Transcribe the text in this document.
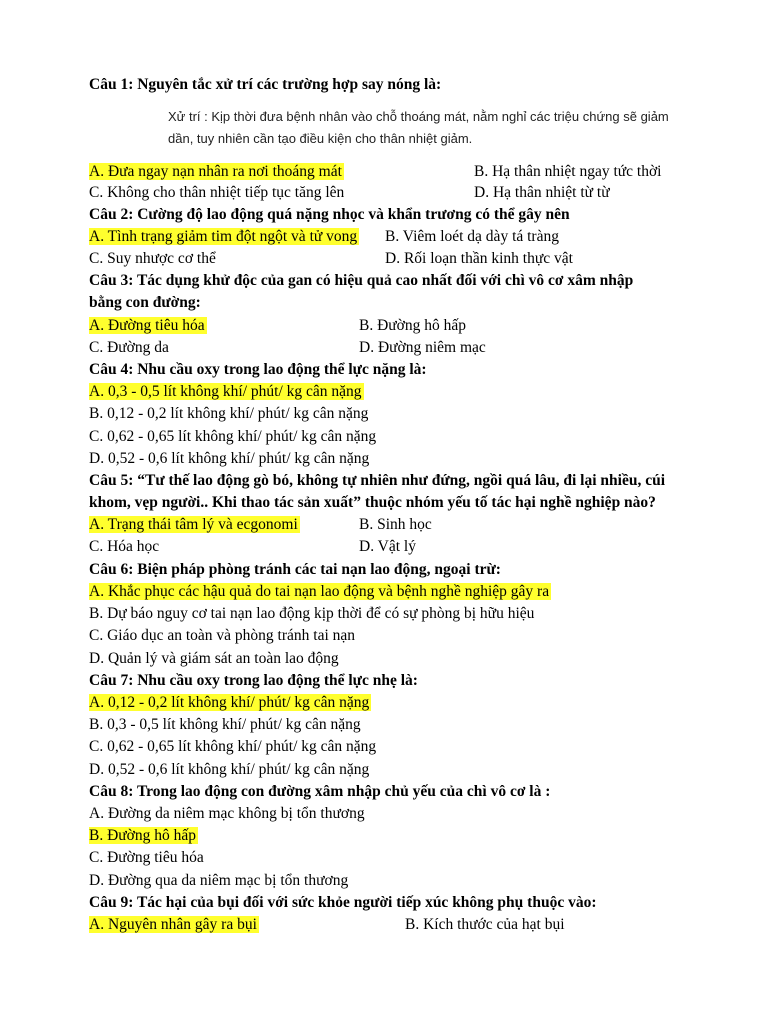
Câu 1: Nguyên tắc xử trí các trường hợp say nóng là:
Xử trí : Kịp thời đưa bệnh nhân vào chỗ thoáng mát, nằm nghỉ các triệu chứng sẽ giảm
dần, tuy nhiên cần tạo điều kiện cho thân nhiệt giảm.
A. Đưa ngay nạn nhân ra nơi thoáng mát	B. Hạ thân nhiệt ngay tức thời
C. Không cho thân nhiệt tiếp tục tăng lên	D. Hạ thân nhiệt từ từ
Câu 2: Cường độ lao động quá nặng nhọc và khẩn trương có thể gây nên
A. Tình trạng giảm tim đột ngột và tử vong B. Viêm loét dạ dày tá tràng
C. Suy nhược cơ thể	D. Rối loạn thần kinh thực vật
Câu 3: Tác dụng khử độc của gan có hiệu quả cao nhất đối với chì vô cơ xâm nhập
bằng con đường:
A. Đường tiêu hóa	B. Đường hô hấp
C. Đường da	D. Đường niêm mạc
Câu 4: Nhu cầu oxy trong lao động thể lực nặng là:
A. 0,3 - 0,5 lít không khí/ phút/ kg cân nặng
B. 0,12 - 0,2 lít không khí/ phút/ kg cân nặng
C. 0,62 - 0,65 lít không khí/ phút/ kg cân nặng
D. 0,52 - 0,6 lít không khí/ phút/ kg cân nặng
Câu 5: “Tư thế lao động gò bó, không tự nhiên như đứng, ngồi quá lâu, đi lại nhiều, cúi
khom, vẹp người.. Khi thao tác sản xuất” thuộc nhóm yếu tố tác hại nghề nghiệp nào?
A. Trạng thái tâm lý và ecgonomi	B. Sinh học
C. Hóa học	D. Vật lý
Câu 6: Biện pháp phòng tránh các tai nạn lao động, ngoại trừ:
A. Khắc phục các hậu quả do tai nạn lao động và bệnh nghề nghiệp gây ra
B. Dự báo nguy cơ tai nạn lao động kịp thời để có sự phòng bị hữu hiệu
C. Giáo dục an toàn và phòng tránh tai nạn
D. Quản lý và giám sát an toàn lao động
Câu 7: Nhu cầu oxy trong lao động thể lực nhẹ là:
A. 0,12 - 0,2 lít không khí/ phút/ kg cân nặng
B. 0,3 - 0,5 lít không khí/ phút/ kg cân nặng
C. 0,62 - 0,65 lít không khí/ phút/ kg cân nặng
D. 0,52 - 0,6 lít không khí/ phút/ kg cân nặng
Câu 8: Trong lao động con đường xâm nhập chủ yếu của chì vô cơ là :
A. Đường da niêm mạc không bị tổn thương
B. Đường hô hấp
C. Đường tiêu hóa
D. Đường qua da niêm mạc bị tổn thương
Câu 9: Tác hại của bụi đối với sức khỏe người tiếp xúc không phụ thuộc vào:
A. Nguyên nhân gây ra bụi	B. Kích thước của hạt bụi
